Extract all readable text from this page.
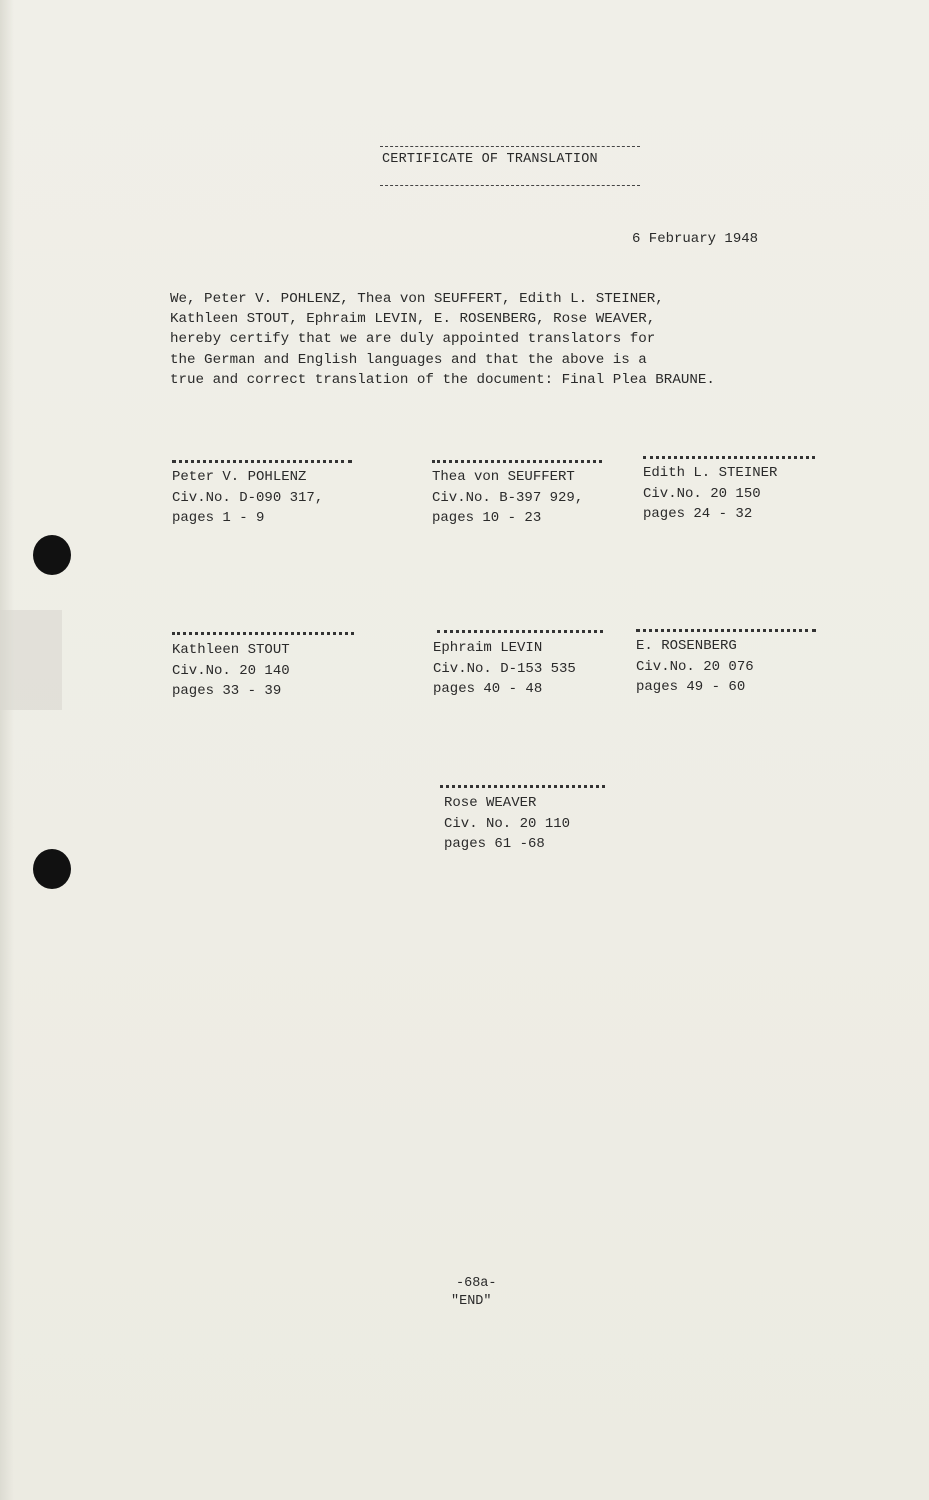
CERTIFICATE OF TRANSLATION
6 February 1948
We, Peter V. POHLENZ, Thea von SEUFFERT, Edith L. STEINER,
Kathleen STOUT, Ephraim LEVIN, E. ROSENBERG, Rose WEAVER,
hereby certify that we are duly appointed translators for
the German and English languages and that the above is a
true and correct translation of the document: Final Plea BRAUNE.
Peter V. POHLENZ
Civ.No. D-090 317,
pages 1 - 9
Thea von SEUFFERT
Civ.No. B-397 929,
pages 10 - 23
Edith L. STEINER
Civ.No. 20 150
pages 24 - 32
Kathleen STOUT
Civ.No. 20 140
pages 33 - 39
Ephraim LEVIN
Civ.No. D-153 535
pages 40 - 48
E. ROSENBERG
Civ.No. 20 076
pages 49 - 60
Rose WEAVER
Civ. No. 20 110
pages 61 -68
-68a-
"END"
